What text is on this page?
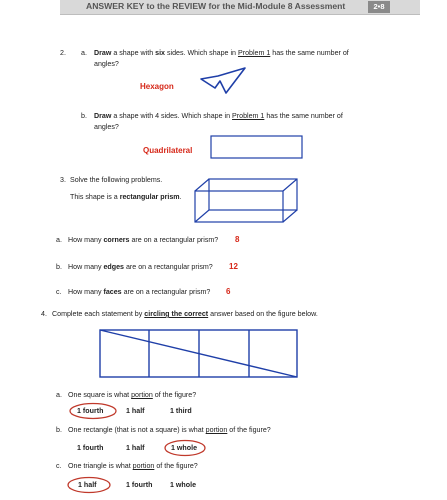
ANSWER KEY to the REVIEW for the Mid-Module 8 Assessment	2•8
2. a. Draw a shape with six sides. Which shape in Problem 1 has the same number of
angles?
Hexagon
b. Draw a shape with 4 sides. Which shape in Problem 1 has the same number of
angles?
Quadrilateral
3. Solve the following problems.
This shape is a rectangular prism.
a. How many corners are on a rectangular prism? 8
b. How many edges are on a rectangular prism? 12
c. How many faces are on a rectangular prism? 6
4. Complete each statement by circling the correct answer based on the figure below.
a. One square is what portion of the figure?
1 fourth	1 half	1 third
b. One rectangle (that is not a square) is what portion of the figure?
1 fourth	1 half	1 whole
c. One triangle is what portion of the figure?
1 half	1 fourth 1 whole
